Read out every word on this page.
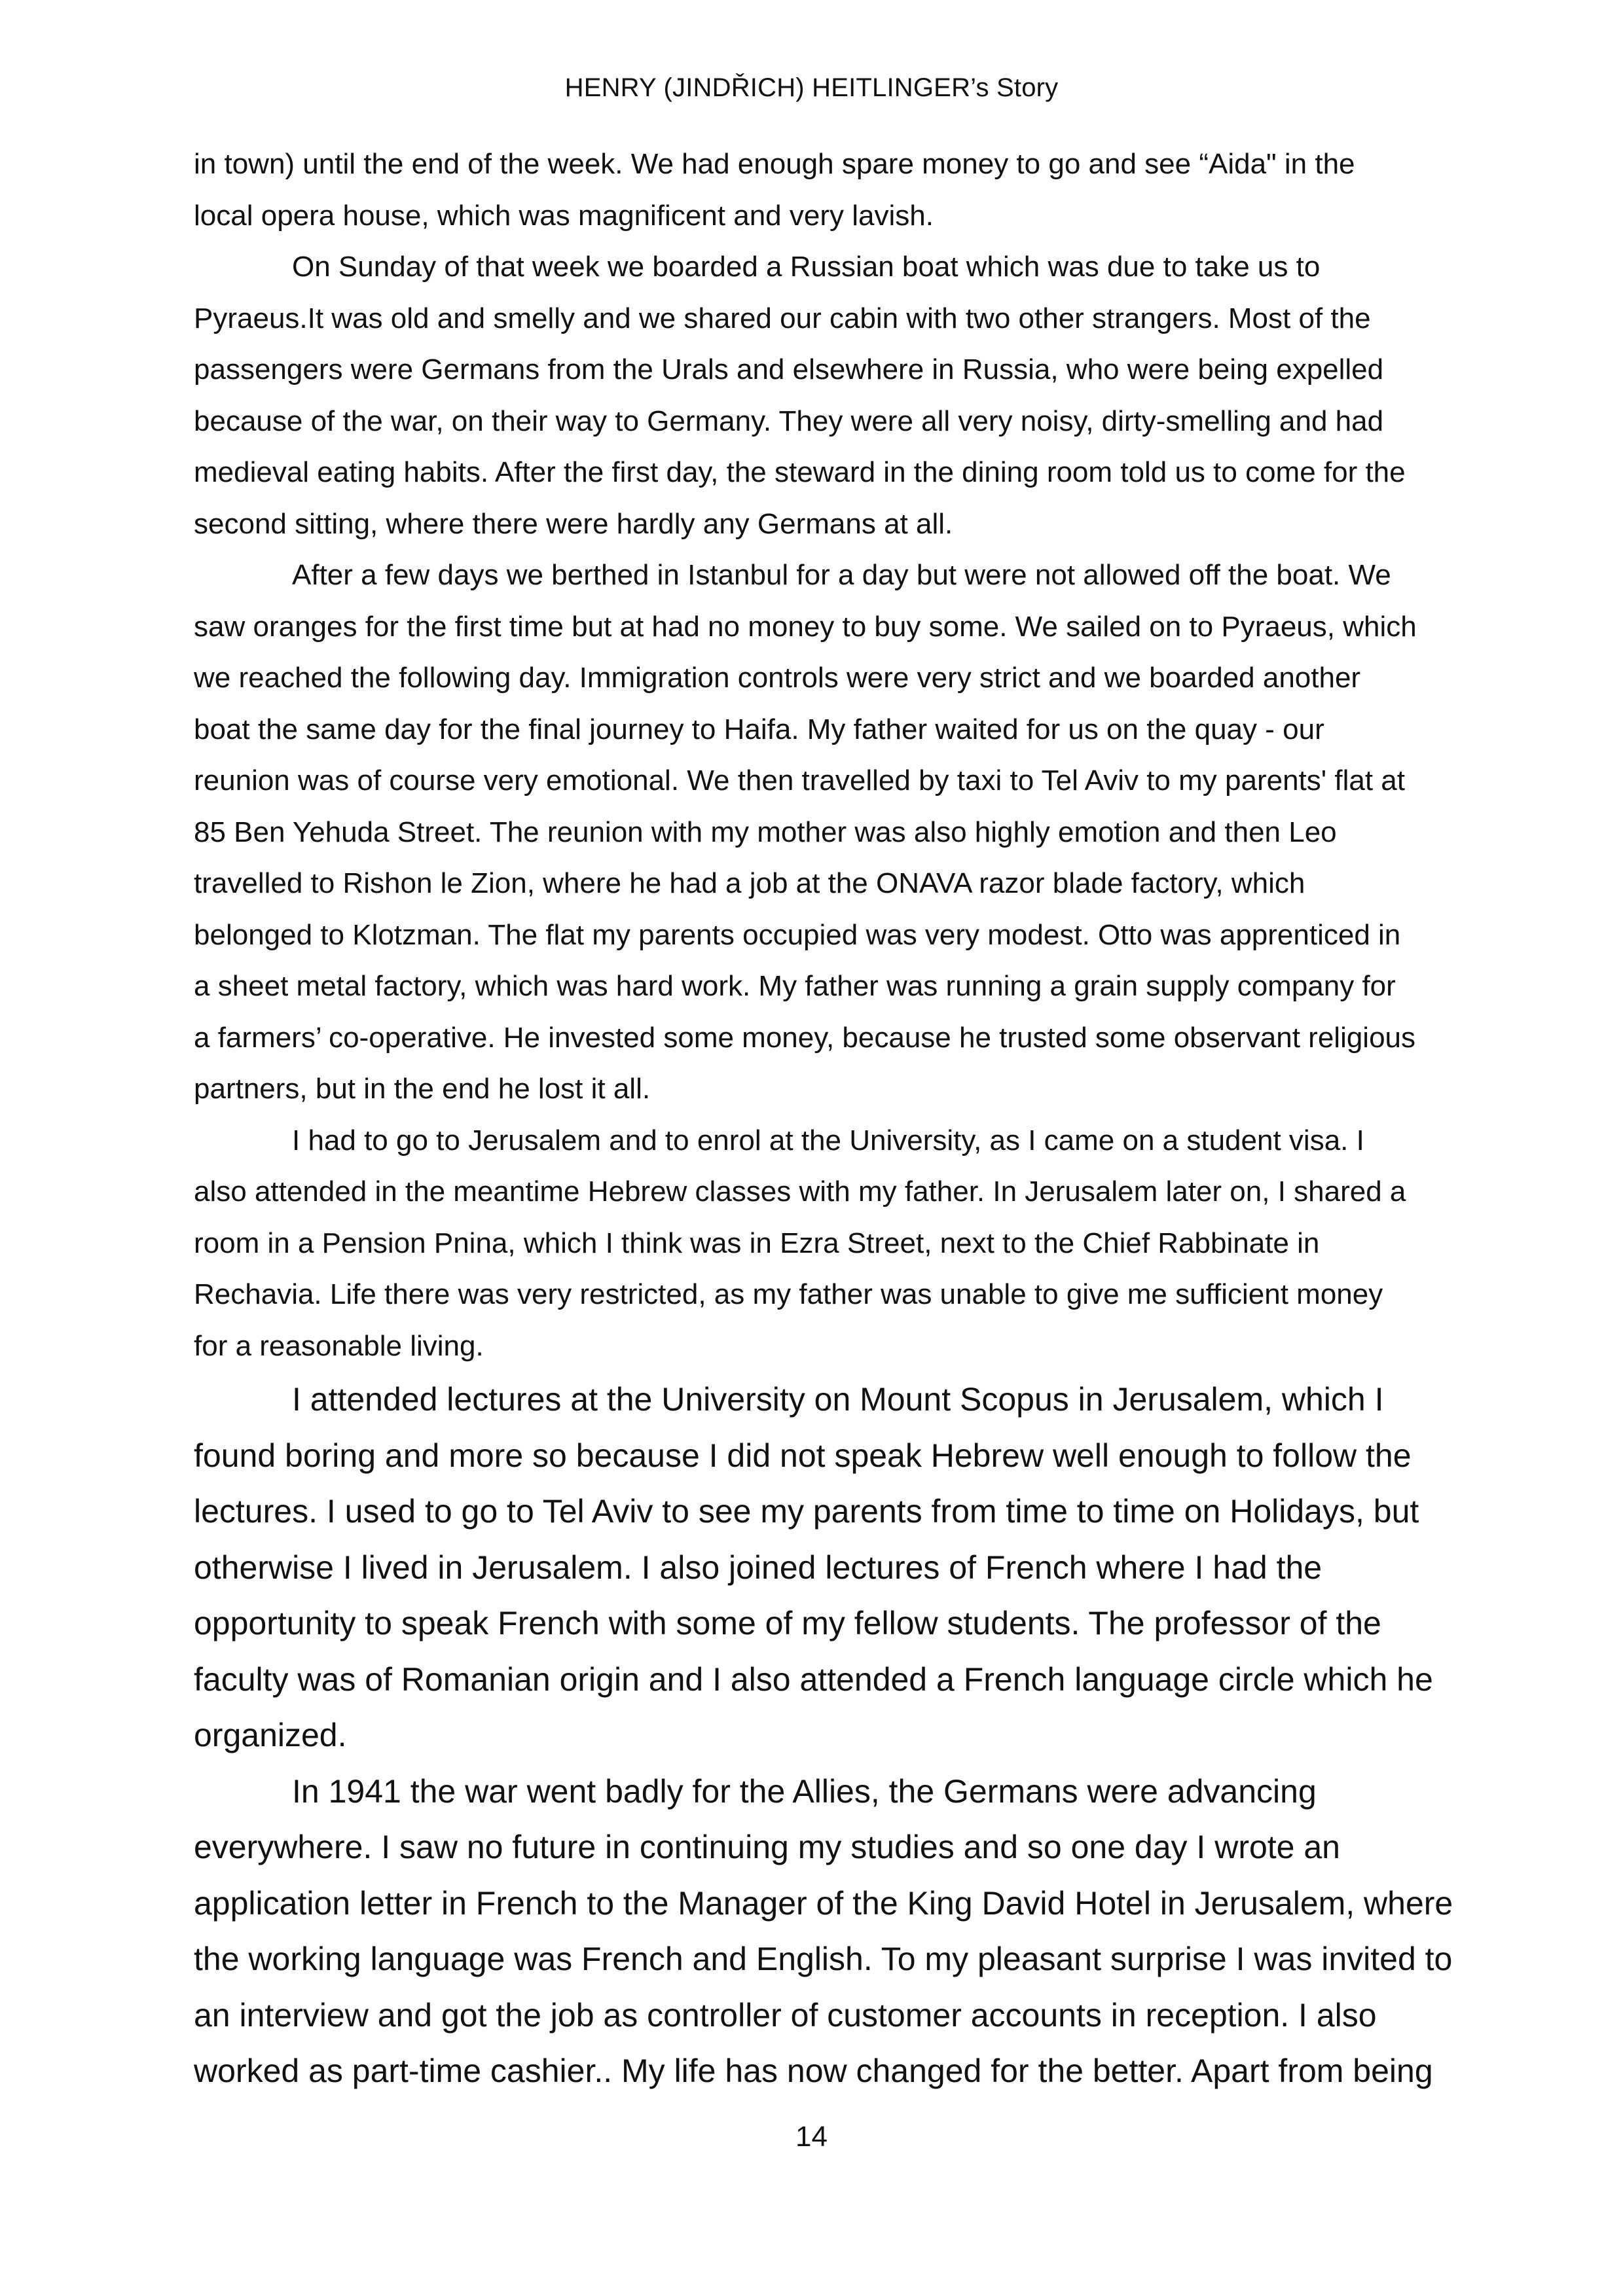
HENRY (JINDŘICH) HEITLINGER’s Story

in town) until the end of the week. We had enough spare money to go and see “Aida" in the
local opera house, which was magnificent and very lavish.

On Sunday of that week we boarded a Russian boat which was due to take us to
Pyraeus.It was old and smelly and we shared our cabin with two other strangers. Most of the
passengers were Germans from the Urals and elsewhere in Russia, who were being expelled
because of the war, on their way to Germany. They were all very noisy, dirty-smelling and had
medieval eating habits. After the first day, the steward in the dining room told us to come for the
second sitting, where there were hardly any Germans at all.

After a few days we berthed in Istanbul for a day but were not allowed off the boat. We
saw oranges for the first time but at had no money to buy some. We sailed on to Pyraeus, which
we reached the following day. Immigration controls were very strict and we boarded another
boat the same day for the final journey to Haifa. My father waited for us on the quay - our
reunion was of course very emotional. We then travelled by taxi to Tel Aviv to my parents' flat at
85 Ben Yehuda Street. The reunion with my mother was also highly emotion and then Leo
travelled to Rishon le Zion, where he had a job at the ONAVA razor blade factory, which
belonged to Klotzman. The flat my parents occupied was very modest. Otto was apprenticed in
a sheet metal factory, which was hard work. My father was running a grain supply company for
a farmers’ co-operative. He invested some money, because he trusted some observant religious
partners, but in the end he lost it all.

I had to go to Jerusalem and to enrol at the University, as I came on a student visa. I
also attended in the meantime Hebrew classes with my father. In Jerusalem later on, I shared a
room in a Pension Pnina, which I think was in Ezra Street, next to the Chief Rabbinate in
Rechavia. Life there was very restricted, as my father was unable to give me sufficient money
for a reasonable living.

I attended lectures at the University on Mount Scopus in Jerusalem, which I
found boring and more so because I did not speak Hebrew well enough to follow the
lectures. I used to go to Tel Aviv to see my parents from time to time on Holidays, but
otherwise I lived in Jerusalem. I also joined lectures of French where I had the
opportunity to speak French with some of my fellow students. The professor of the
faculty was of Romanian origin and I also attended a French language circle which he
organized.

In 1941 the war went badly for the Allies, the Germans were advancing
everywhere. I saw no future in continuing my studies and so one day I wrote an
application letter in French to the Manager of the King David Hotel in Jerusalem, where
the working language was French and English. To my pleasant surprise I was invited to
an interview and got the job as controller of customer accounts in reception. I also
worked as part-time cashier.. My life has now changed for the better. Apart from being

14
